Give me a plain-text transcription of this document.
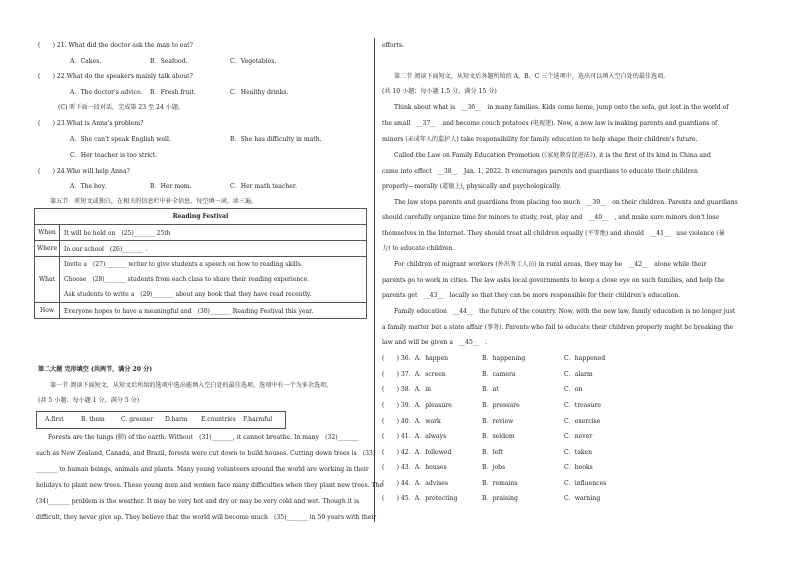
(　　) 21. What did the doctor ask the man to eat?
A．Cakes.	B．Seafood.	C．Vegetables.
(　　) 22.What do the speakers mainly talk about?
A．The doctor's advice. B．Fresh fruit.	C．Healthy drinks.
(C) 听下面一段对话，完成第 23 至 24 小题。
(　　) 23.What is Anna's problem?
A．She can't speak English well.	B．She has difficulty in math.
C．Her teacher is too strict.
(　　) 24.Who will help Anna?
A．The boy.	B．Her mom.	C．Her math teacher.
第五节　听短文或独白，在相关的信息栏中补全信息，每空填一词。读三遍。
Reading Festival	
When	It will be held on　(25)_______ 25th
Where	In our school　(26)_______ .
What	Invite a　(27)_______ writer to give students a speech on how to reading skills.
Choose　(28)_______ students from each class to share their reading experience.
Ask students to write a　(29)_______ about any book that they have read recently.

How	Everyone hopes to have a meaningful and　(30)_______ Reading Festival this year.
第二大题 完形填空 (共两节，满分 20 分)
第一节 阅读下面短文，从短文后所给的选项中选出能填入空白处的最佳选项。选项中有一个为多余选项。
(共 5 小题；每小题 1 分，满分 5 分)
A.first	B. them	C. greener D.harm E.countries F.harmful
Forests are the lungs (肺) of the earth. Without　(31)_______, it cannot breathe. In many　(32)_______
such as New Zealand, Canada, and Brazil, forests were cut down to build houses. Cutting down trees is　(33)
_______ to human beings, animals and plants. Many young volunteers around the world are working in their
holidays to plant new trees. These young men and women face many difficulties when they plant new trees. The
(34)_______ problem is the weather. It may be very hot and dry or may be very cold and wet. Though it is
difficult, they never give up. They believe that the world will become much　(35)_______ in 50 years with their
efforts.
第二节 阅读下面短文，从短文后各题所给的 A、B、C 三个选项中，选出可以填入空白处的最佳选项。
(共 10 小题；每小题 1.5 分，满分 15 分)
Think about what is　__36__　in many families. Kids come home, jump onto the sofa, get lost in the world of
the small　__37__　and become couch potatoes (电视迷). Now, a new law is making parents and guardians of
minors (未成年人的监护人) take responsibility for family education to help shape their children's future.
Called the Law on Family Education Promotion (《家庭教育促进法》), it is the first of its kind in China and
came into effect　__38__　Jan. 1, 2022. It encourages parents and guardians to educate their children
properly—morally (道德上), physically and psychologically.
The law stops parents and guardians from placing too much　__39__　on their children. Parents and guardians
should carefully organize time for minors to study, rest, play and　__40__　, and make sure minors don't lose
themselves in the Internet. They should treat all children equally (平等地) and should　__41__　use violence (暴
力) to educate children.
For children of migrant workers (外出务工人员) in rural areas, they may be　__42__　alone while their
parents go to work in cities. The law asks local governments to keep a close eye on such families, and help the
parents get　__43__　locally so that they can be more responsible for their children's education.
Family education　__44__　the future of the country. Now, with the new law, family education is no longer just
a family matter but a state affair (事务). Parents who fail to educate their children properly might be breaking the
law and will be given a　__45__　.
(　　) 36．A．happen	B．happening	C．happened
(　　) 37．A．screen	B．camera	C．alarm
(　　) 38．A．in	B．at	C．on
(　　) 39．A．pleasure	B．pressure	C．treasure
(　　) 40．A．work	B．review	C．exercise
(　　) 41．A．always	B．seldom	C．never
(　　) 42．A．followed	B．left	C．taken
(　　) 43．A．houses	B．jobs	C．books
(　　) 44．A．advises	B．remains	C．influences
(　　) 45．A．protecting	B．praising	C．warning
